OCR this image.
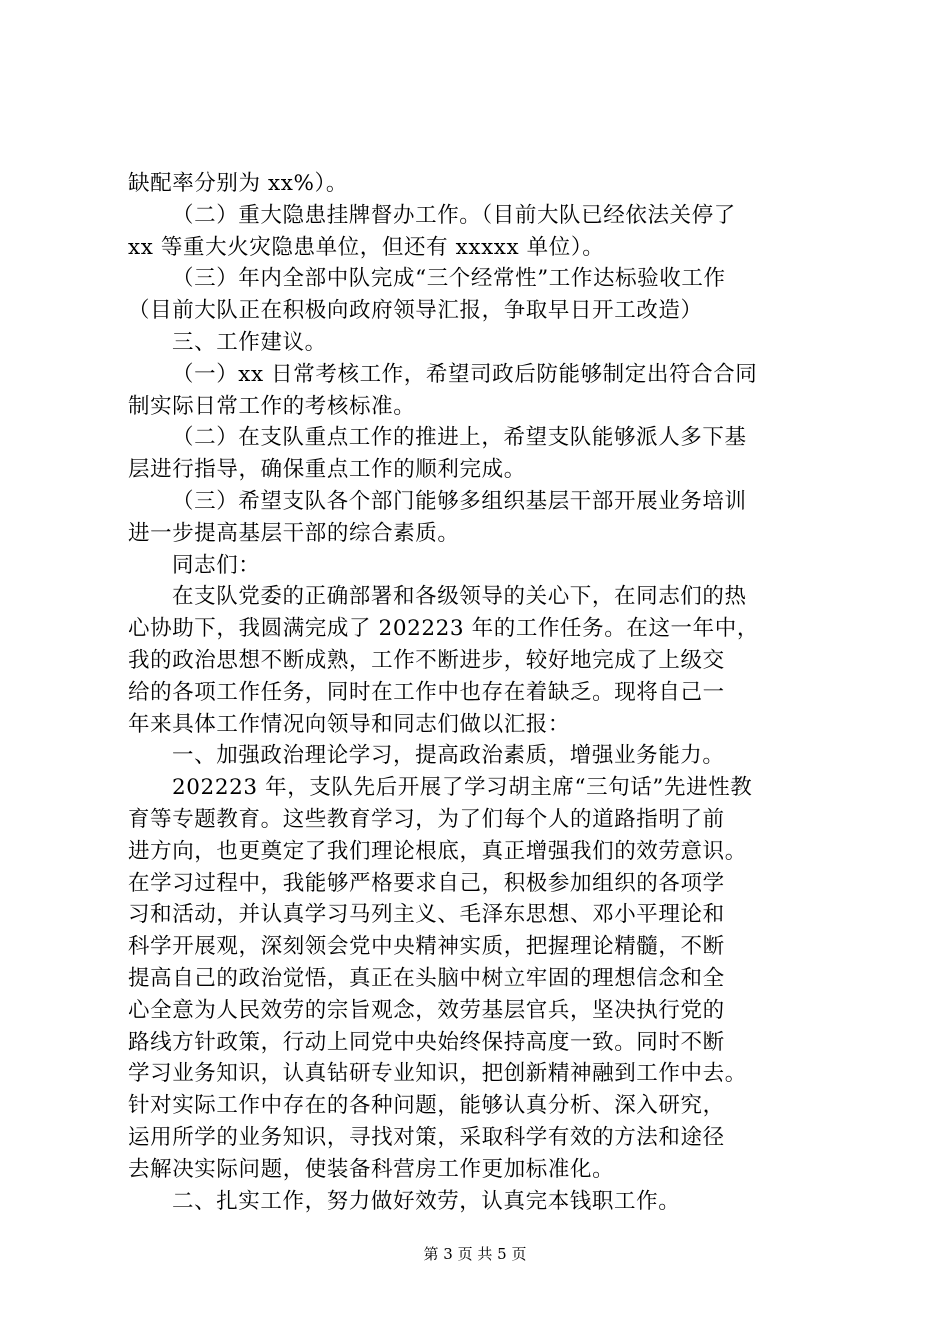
缺配率分别为 xx%）。
（二）重大隐患挂牌督办工作。（目前大队已经依法关停了
xx 等重大火灾隐患单位，但还有 xxxxx 单位）。
（三）年内全部中队完成“三个经常性”工作达标验收工作
（目前大队正在积极向政府领导汇报，争取早日开工改造）
三、工作建议。
（一）xx 日常考核工作，希望司政后防能够制定出符合合同
制实际日常工作的考核标准。
（二）在支队重点工作的推进上，希望支队能够派人多下基
层进行指导，确保重点工作的顺利完成。
（三）希望支队各个部门能够多组织基层干部开展业务培训
进一步提高基层干部的综合素质。
同志们：
在支队党委的正确部署和各级领导的关心下，在同志们的热
心协助下，我圆满完成了 202223 年的工作任务。在这一年中，
我的政治思想不断成熟，工作不断进步，较好地完成了上级交
给的各项工作任务，同时在工作中也存在着缺乏。现将自己一
年来具体工作情况向领导和同志们做以汇报：
一、加强政治理论学习，提高政治素质，增强业务能力。
202223 年，支队先后开展了学习胡主席“三句话”先进性教
育等专题教育。这些教育学习，为了们每个人的道路指明了前
进方向，也更奠定了我们理论根底，真正增强我们的效劳意识。
在学习过程中，我能够严格要求自己，积极参加组织的各项学
习和活动，并认真学习马列主义、毛泽东思想、邓小平理论和
科学开展观，深刻领会党中央精神实质，把握理论精髓，不断
提高自己的政治觉悟，真正在头脑中树立牢固的理想信念和全
心全意为人民效劳的宗旨观念，效劳基层官兵，坚决执行党的
路线方针政策，行动上同党中央始终保持高度一致。同时不断
学习业务知识，认真钻研专业知识，把创新精神融到工作中去。
针对实际工作中存在的各种问题，能够认真分析、深入研究，
运用所学的业务知识，寻找对策，采取科学有效的方法和途径
去解决实际问题，使装备科营房工作更加标准化。
二、扎实工作，努力做好效劳，认真完本钱职工作。
第 3 页 共 5 页
